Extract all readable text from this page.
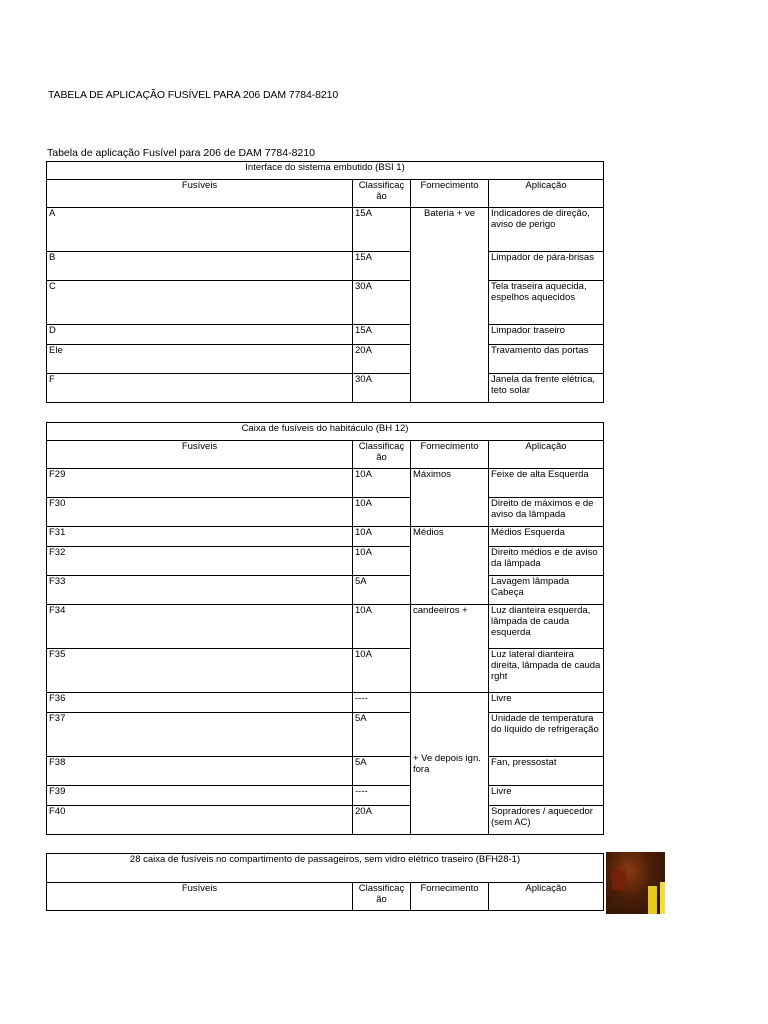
TABELA DE APLICAÇÃO FUSÍVEL PARA 206 DAM 7784-8210
Tabela de aplicação Fusível para 206 de DAM 7784-8210
Interface do sistema embutido (BSI 1)			
Fusíveis	Classificaç ão	Fornecimento	Aplicação
A	15A	Bateria + ve	Indicadores de direção, aviso de perigo
B	15A		Limpador de pára-brisas
C	30A		Tela traseira aquecida, espelhos aquecidos
D	15A		Limpador traseiro
Ele	20A		Travamento das portas
F	30A		Janela da frente elétrica, teto solar
Caixa de fusíveis do habitáculo (BH 12)			
Fusíveis	Classificaç ão	Fornecimento	Aplicação
F29	10A	Máximos	Feixe de alta Esquerda
F30	10A		Direito de máximos e de aviso da lâmpada
F31	10A	Médios	Médios Esquerda
F32	10A		Direito médios e de aviso da lâmpada
F33	5A		Lavagem lâmpada Cabeça
F34	10A	candeeiros +	Luz dianteira esquerda, lâmpada de cauda esquerda
F35	10A		Luz lateral dianteira direita, lâmpada de cauda rght
F36	----	+ Ve depois ign. fora	Livre
F37	5A		Unidade de temperatura do líquido de refrigeração
F38	5A		Fan, pressostat
F39	----		Livre
F40	20A		Sopradores / aquecedor (sem AC)
28 caixa de fusíveis no compartimento de passageiros, sem vidro elétrico traseiro (BFH28-1)
Fusíveis	Classificaç ão	Fornecimento	Aplicação
